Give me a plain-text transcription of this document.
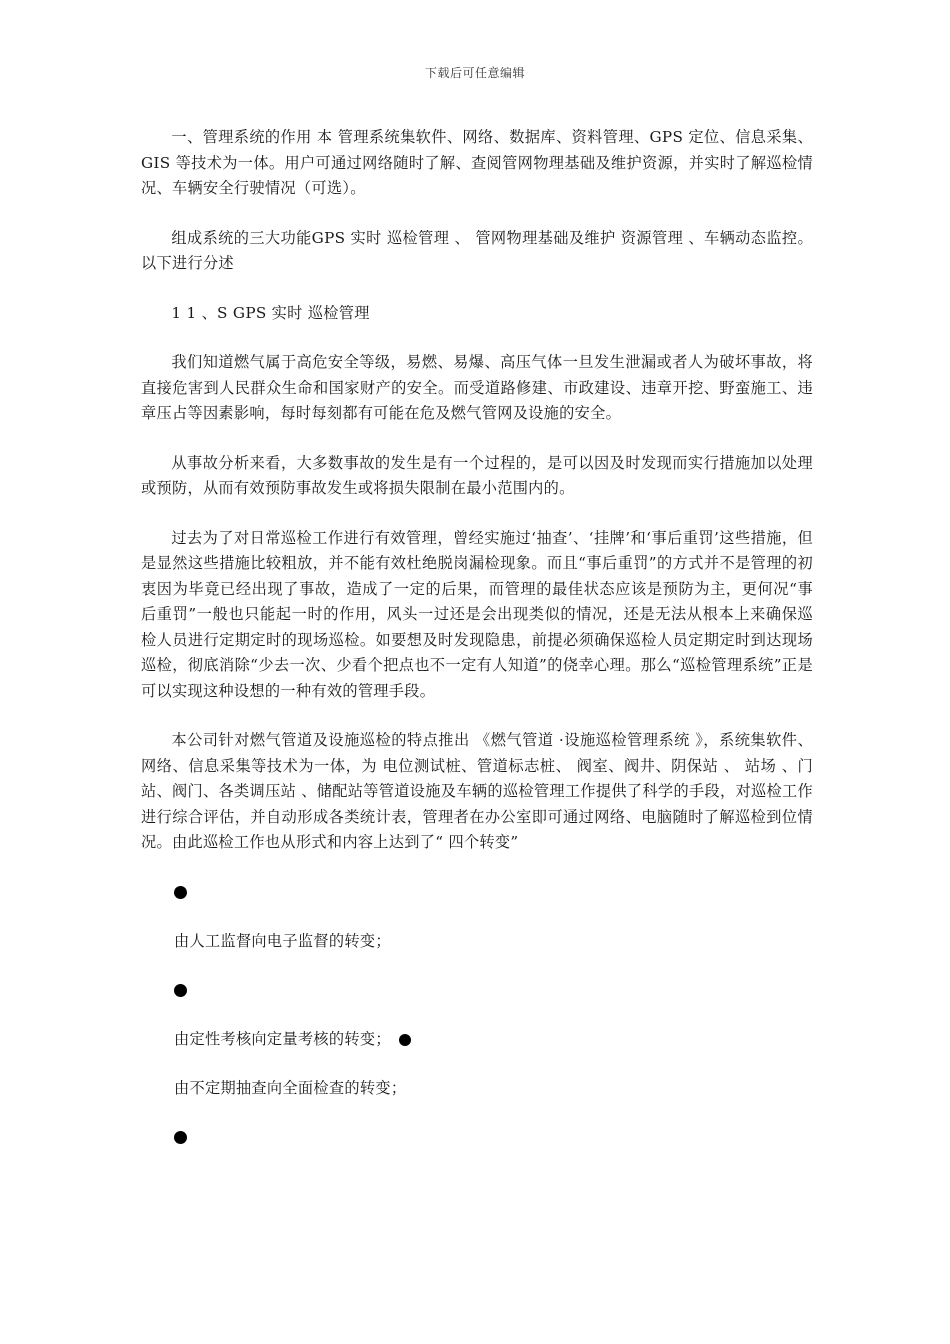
下载后可任意编辑

一、管理系统的作用 本 管理系统集软件、网络、数据库、资料管理、GPS 定位、信息采集、GIS 等技术为一体。用户可通过网络随时了解、查阅管网物理基础及维护资源，并实时了解巡检情况、车辆安全行驶情况（可选）。

组成系统的三大功能GPS 实时 巡检管理 、 管网物理基础及维护 资源管理 、车辆动态监控。以下进行分述

1 1 、S GPS 实时 巡检管理

我们知道燃气属于高危安全等级，易燃、易爆、高压气体一旦发生泄漏或者人为破坏事故，将直接危害到人民群众生命和国家财产的安全。而受道路修建、市政建设、违章开挖、野蛮施工、违章压占等因素影响，每时每刻都有可能在危及燃气管网及设施的安全。

从事故分析来看，大多数事故的发生是有一个过程的，是可以因及时发现而实行措施加以处理或预防，从而有效预防事故发生或将损失限制在最小范围内的。

过去为了对日常巡检工作进行有效管理，曾经实施过‘抽查’、‘挂牌’和‘事后重罚’这些措施，但是显然这些措施比较粗放，并不能有效杜绝脱岗漏检现象。而且“事后重罚”的方式并不是管理的初衷因为毕竟已经出现了事故，造成了一定的后果，而管理的最佳状态应该是预防为主，更何况“事后重罚”一般也只能起一时的作用，风头一过还是会出现类似的情况，还是无法从根本上来确保巡检人员进行定期定时的现场巡检。如要想及时发现隐患，前提必须确保巡检人员定期定时到达现场巡检，彻底消除“少去一次、少看个把点也不一定有人知道”的侥幸心理。那么“巡检管理系统”正是可以实现这种设想的一种有效的管理手段。

本公司针对燃气管道及设施巡检的特点推出 《燃气管道 ·设施巡检管理系统 》，系统集软件、网络、信息采集等技术为一体，为 电位测试桩、管道标志桩、 阀室、阀井、阴保站 、 站场 、门站、阀门、各类调压站 、储配站等管道设施及车辆的巡检管理工作提供了科学的手段，对巡检工作进行综合评估，并自动形成各类统计表，管理者在办公室即可通过网络、电脑随时了解巡检到位情况。由此巡检工作也从形式和内容上达到了“ 四个转变”

由人工监督向电子监督的转变；
由定性考核向定量考核的转变；
由不定期抽查向全面检查的转变；
